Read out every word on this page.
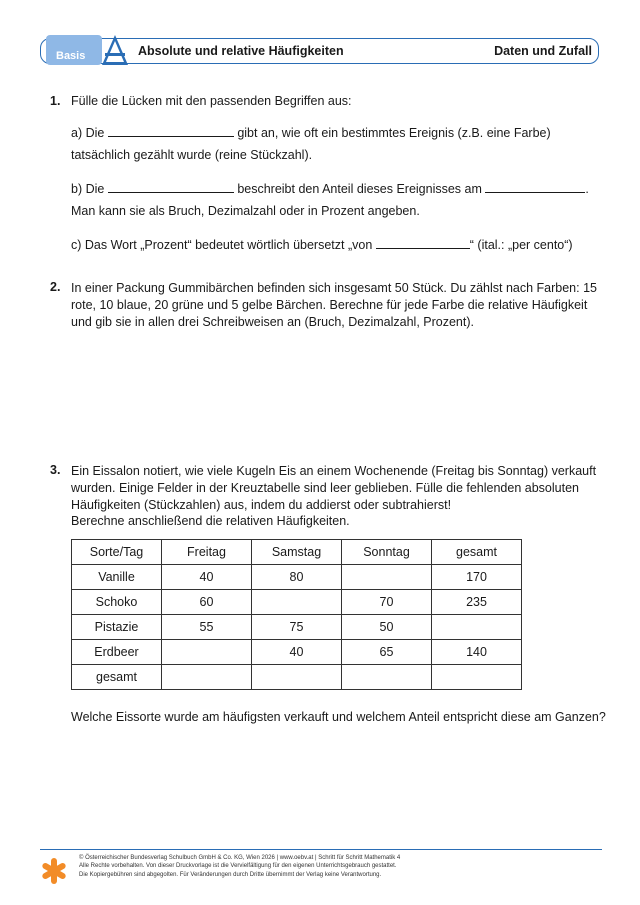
Basis	Absolute und relative Häufigkeiten	Daten und Zufall
1. Fülle die Lücken mit den passenden Begriffen aus:
a) Die	gibt an, wie oft ein bestimmtes Ereignis (z.B. eine Farbe)
tatsächlich gezählt wurde (reine Stückzahl).
b) Die	beschreibt den Anteil dieses Ereignisses am	.
Man kann sie als Bruch, Dezimalzahl oder in Prozent angeben.
c) Das Wort „Prozent“ bedeutet wörtlich übersetzt „von	“ (ital.: „per cento“)
2. In einer Packung Gummibärchen befinden sich insgesamt 50 Stück. Du zählst nach Farben: 15 rote, 10 blaue, 20 grüne und 5 gelbe Bärchen. Berechne für jede Farbe die relative Häufigkeit und gib sie in allen drei Schreibweisen an (Bruch, Dezimalzahl, Prozent).
3. Ein Eissalon notiert, wie viele Kugeln Eis an einem Wochenende (Freitag bis Sonntag) verkauft wurden. Einige Felder in der Kreuztabelle sind leer geblieben. Fülle die fehlenden absoluten Häufigkeiten (Stückzahlen) aus, indem du addierst oder subtrahierst!
Berechne anschließend die relativen Häufigkeiten.
Sorte/Tag	Freitag	Samstag	Sonntag	gesamt
Vanille	40	80		170
Schoko	60		70	235
Pistazie	55	75	50	
Erdbeer		40	65	140
gesamt				
Welche Eissorte wurde am häufigsten verkauft und welchem Anteil entspricht diese am Ganzen?
© Österreichischer Bundesverlag Schulbuch GmbH & Co. KG, Wien 2026 | www.oebv.at | Schritt für Schritt Mathematik 4
Alle Rechte vorbehalten. Von dieser Druckvorlage ist die Vervielfältigung für den eigenen Unterrichtsgebrauch gestattet.
Die Kopiergebühren sind abgegolten. Für Veränderungen durch Dritte übernimmt der Verlag keine Verantwortung.
